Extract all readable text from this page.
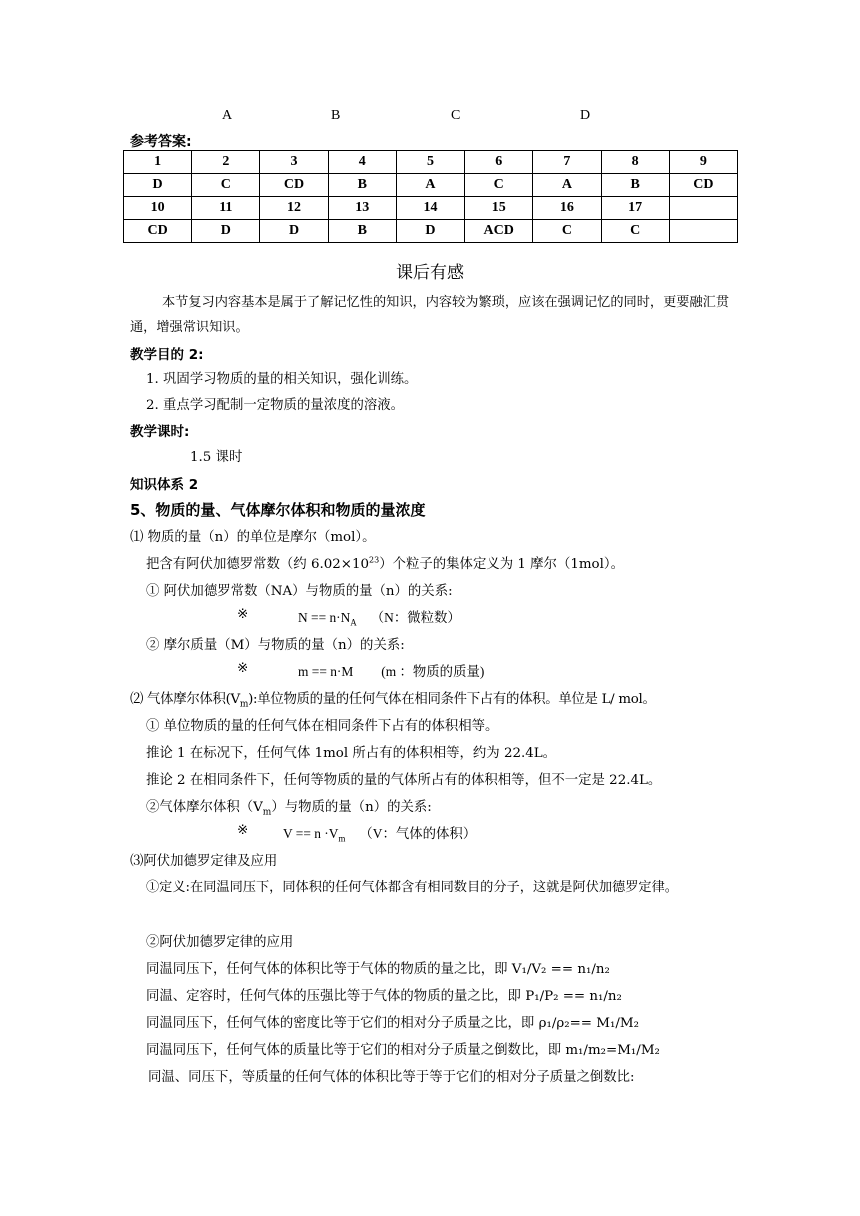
A	B	C	D
参考答案:
1	2	3	4	5	6	7	8	9
D	C	CD	B	A	C	A	B	CD
10	11	12	13	14	15	16	17	
CD	D	D	B	D	ACD	C	C	
课后有感
本节复习内容基本是属于了解记忆性的知识，内容较为繁琐，应该在强调记忆的同时，更要融汇贯通，增强常识知识。
教学目的 2:
1. 巩固学习物质的量的相关知识，强化训练。
2. 重点学习配制一定物质的量浓度的溶液。
教学课时:
1.5 课时
知识体系 2
5、物质的量、气体摩尔体积和物质的量浓度
⑴ 物质的量（n）的单位是摩尔（mol）。
把含有阿伏加德罗常数（约 $6.02\times 10^{23}$）个粒子的集体定义为 1 摩尔（1mol）。
① 阿伏加德罗常数（NA）与物质的量（n）的关系:
※	$N == n\cdot N_A$ （N：微粒数）
② 摩尔质量（M）与物质的量（n）的关系:
※	m == n·M (m ：物质的质量)
⑵ 气体摩尔体积$(V_m)$:单位物质的量的任何气体在相同条件下占有的体积。单位是 L/ mol。
① 单位物质的量的任何气体在相同条件下占有的体积相等。
推论 1 在标况下，任何气体 1mol 所占有的体积相等，约为 22.4L。
推论 2 在相同条件下，任何等物质的量的气体所占有的体积相等，但不一定是 22.4L。
②气体摩尔体积$(V_m)$与物质的量（n）的关系:
※	$V == n \cdot V_m$ （V：气体的体积）
⑶阿伏加德罗定律及应用
①定义:在同温同压下，同体积的任何气体都含有相同数目的分子，这就是阿伏加德罗定律。
②阿伏加德罗定律的应用
同温同压下，任何气体的体积比等于气体的物质的量之比，即 V₁/V₂ == n₁/n₂
同温、定容时，任何气体的压强比等于气体的物质的量之比，即 P₁/P₂ == n₁/n₂
同温同压下，任何气体的密度比等于它们的相对分子质量之比，即 ρ₁/ρ₂== M₁/M₂
同温同压下，任何气体的质量比等于它们的相对分子质量之倒数比，即 m₁/m₂=M₁/M₂
同温、同压下，等质量的任何气体的体积比等于等于它们的相对分子质量之倒数比:
